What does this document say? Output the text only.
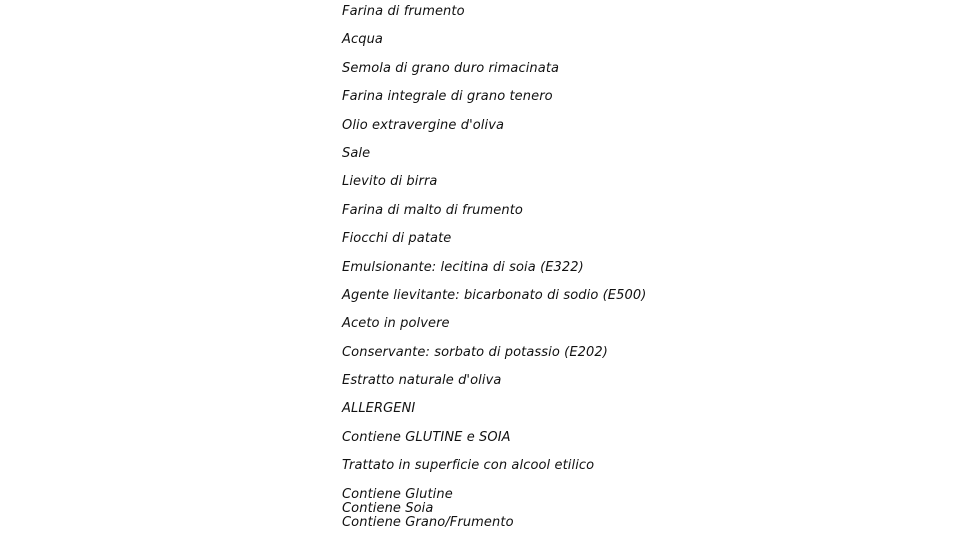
Farina di frumento
Acqua
Semola di grano duro rimacinata
Farina integrale di grano tenero
Olio extravergine d'oliva
Sale
Lievito di birra
Farina di malto di frumento
Fiocchi di patate
Emulsionante: lecitina di soia (E322)
Agente lievitante: bicarbonato di sodio (E500)
Aceto in polvere
Conservante: sorbato di potassio (E202)
Estratto naturale d'oliva
ALLERGENI
Contiene GLUTINE e SOIA
Trattato in superficie con alcool etilico
Contiene Glutine
Contiene Soia
Contiene Grano/Frumento
